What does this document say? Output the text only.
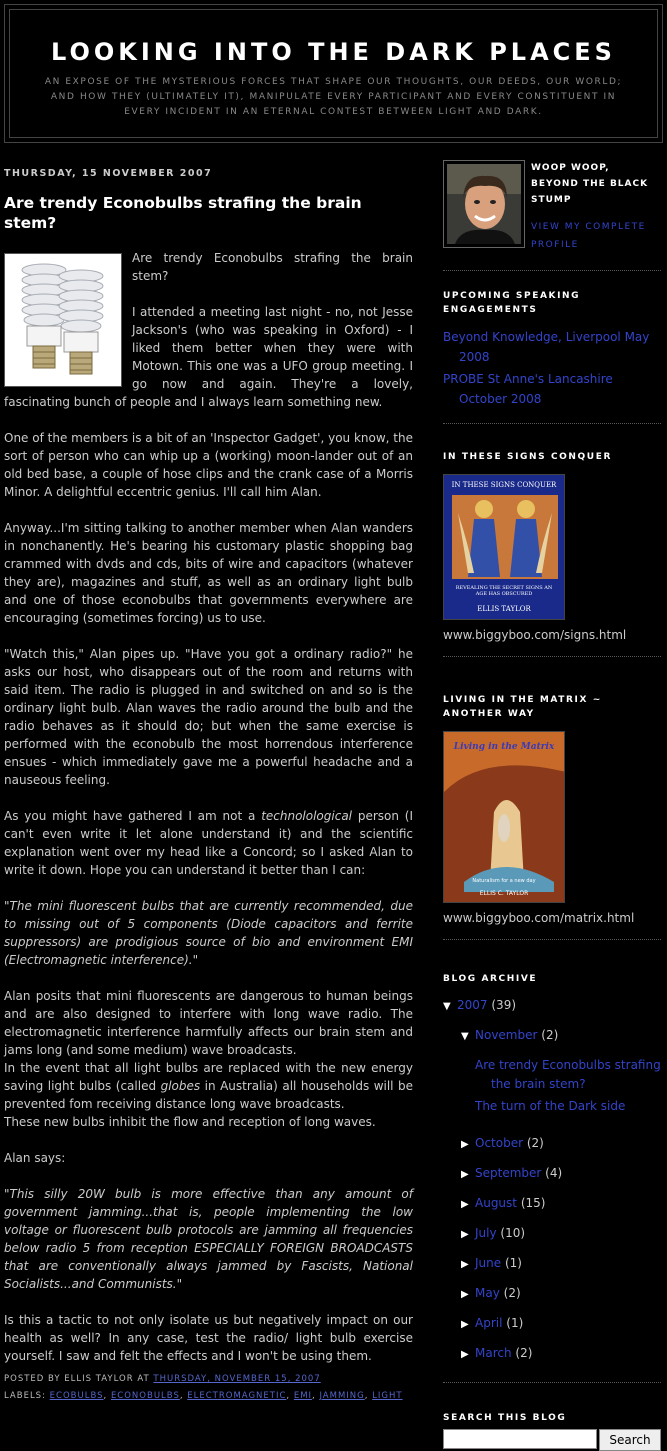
LOOKING INTO THE DARK PLACES
AN EXPOSE OF THE MYSTERIOUS FORCES THAT SHAPE OUR THOUGHTS, OUR DEEDS, OUR WORLD; AND HOW THEY (ULTIMATELY IT), MANIPULATE EVERY PARTICIPANT AND EVERY CONSTITUENT IN EVERY INCIDENT IN AN ETERNAL CONTEST BETWEEN LIGHT AND DARK.
THURSDAY, 15 NOVEMBER 2007
Are trendy Econobulbs strafing the brain stem?

Are trendy Econobulbs strafing the brain stem?

I attended a meeting last night - no, not Jesse Jackson's (who was speaking in Oxford) - I liked them better when they were with Motown. This one was a UFO group meeting. I go now and again. They're a lovely, fascinating bunch of people and I always learn something new.

One of the members is a bit of an 'Inspector Gadget', you know, the sort of person who can whip up a (working) moon-lander out of an old bed base, a couple of hose clips and the crank case of a Morris Minor. A delightful eccentric genius. I'll call him Alan.

Anyway...I'm sitting talking to another member when Alan wanders in nonchanently. He's bearing his customary plastic shopping bag crammed with dvds and cds, bits of wire and capacitors (whatever they are), magazines and stuff, as well as an ordinary light bulb and one of those econobulbs that governments everywhere are encouraging (sometimes forcing) us to use.

"Watch this," Alan pipes up. "Have you got a ordinary radio?" he asks our host, who disappears out of the room and returns with said item. The radio is plugged in and switched on and so is the ordinary light bulb. Alan waves the radio around the bulb and the radio behaves as it should do; but when the same exercise is performed with the econobulb the most horrendous interference ensues - which immediately gave me a powerful headache and a nauseous feeling.

As you might have gathered I am not a technolological person (I can't even write it let alone understand it) and the scientific explanation went over my head like a Concord; so I asked Alan to write it down. Hope you can understand it better than I can:

"The mini fluorescent bulbs that are currently recommended, due to missing out of 5 components (Diode capacitors and ferrite suppressors) are prodigious source of bio and environment EMI (Electromagnetic interference)."

Alan posits that mini fluorescents are dangerous to human beings and are also designed to interfere with long wave radio. The electromagnetic interference harmfully affects our brain stem and jams long (and some medium) wave broadcasts.

In the event that all light bulbs are replaced with the new energy saving light bulbs (called globes in Australia) all households will be prevented fom receiving distance long wave broadcasts.

These new bulbs inhibit the flow and reception of long waves.

Alan says:

"This silly 20W bulb is more effective than any amount of government jamming...that is, people implementing the low voltage or fluorescent bulb protocols are jamming all frequencies below radio 5 from reception ESPECIALLY FOREIGN BROADCASTS that are conventionally always jammed by Fascists, National Socialists...and Communists."

Is this a tactic to not only isolate us but negatively impact on our health as well? In any case, test the radio/ light bulb exercise yourself. I saw and felt the effects and I won't be using them.

POSTED BY ELLIS TAYLOR AT THURSDAY, NOVEMBER 15, 2007
LABELS: ECOBULBS, ECONOBULBS, ELECTROMAGNETIC, EMI, JAMMING, LIGHT
WOOP WOOP, BEYOND THE BLACK STUMP
VIEW MY COMPLETE PROFILE
UPCOMING SPEAKING ENGAGEMENTS
Beyond Knowledge, Liverpool May 2008
PROBE St Anne's Lancashire October 2008
IN THESE SIGNS CONQUER
IN THESE SIGNS CONQUER
REVEALING THE SECRET SIGNS AN AGE HAS OBSCURED
ELLIS TAYLOR
www.biggyboo.com/signs.html
LIVING IN THE MATRIX ~ ANOTHER WAY
Living in the Matrix
Naturalism for a new day
ELLIS C. TAYLOR
www.biggyboo.com/matrix.html
BLOG ARCHIVE
▼ 2007 (39)
▼ November (2)
Are trendy Econobulbs strafing the brain stem?
The turn of the Dark side
▶ October (2)
▶ September (4)
▶ August (15)
▶ July (10)
▶ June (1)
▶ May (2)
▶ April (1)
▶ March (2)
SEARCH THIS BLOG
Search
